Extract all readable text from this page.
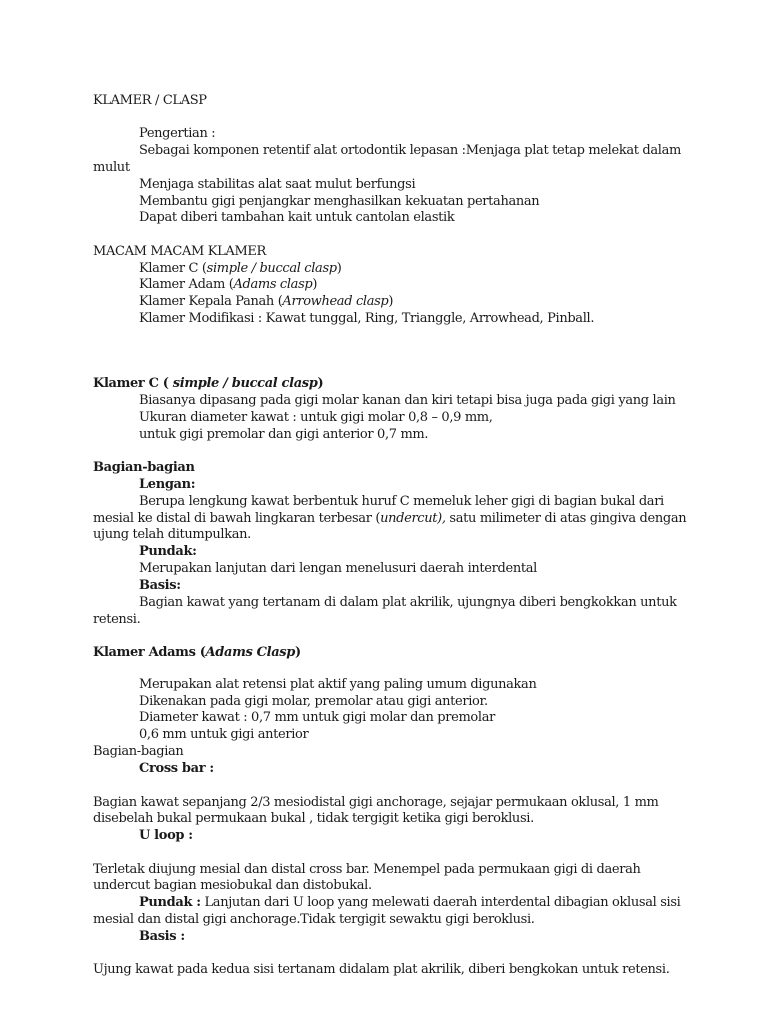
KLAMER / CLASP

Pengertian :

Sebagai komponen retentif alat ortodontik lepasan :Menjaga plat tetap melekat dalam

mulut

Menjaga stabilitas alat saat mulut berfungsi

Membantu gigi penjangkar menghasilkan kekuatan pertahanan

Dapat diberi tambahan kait untuk cantolan elastik

MACAM MACAM KLAMER

Klamer C (simple / buccal clasp)

Klamer Adam (Adams clasp)

Klamer Kepala Panah (Arrowhead clasp)

Klamer Modifikasi : Kawat tunggal, Ring, Trianggle, Arrowhead, Pinball.

Klamer C ( simple / buccal clasp)

Biasanya dipasang pada gigi molar kanan dan kiri tetapi bisa juga pada gigi yang lain

Ukuran diameter kawat : untuk gigi molar 0,8 – 0,9 mm,

untuk gigi premolar dan gigi anterior 0,7 mm.

Bagian-bagian

Lengan:

Berupa lengkung kawat berbentuk huruf C memeluk leher gigi di bagian bukal dari

mesial ke distal di bawah lingkaran terbesar (undercut), satu milimeter di atas gingiva dengan

ujung telah ditumpulkan.

Pundak:

Merupakan lanjutan dari lengan menelusuri daerah interdental

Basis:

Bagian kawat yang tertanam di dalam plat akrilik, ujungnya diberi bengkokkan untuk

retensi.

Klamer Adams (Adams Clasp)

Merupakan alat retensi plat aktif yang paling umum digunakan

Dikenakan pada gigi molar, premolar atau gigi anterior.

Diameter kawat : 0,7 mm untuk gigi molar dan premolar

0,6 mm untuk gigi anterior

Bagian-bagian

Cross bar :

Bagian kawat sepanjang 2/3 mesiodistal gigi anchorage, sejajar permukaan oklusal, 1 mm

disebelah bukal permukaan bukal , tidak tergigit ketika gigi beroklusi.

U loop :

Terletak diujung mesial dan distal cross bar. Menempel pada permukaan gigi di daerah

undercut bagian mesiobukal dan distobukal.

Pundak : Lanjutan dari U loop yang melewati daerah interdental dibagian oklusal sisi

mesial dan distal gigi anchorage.Tidak tergigit sewaktu gigi beroklusi.

Basis :

Ujung kawat pada kedua sisi tertanam didalam plat akrilik, diberi bengkokan untuk retensi.
